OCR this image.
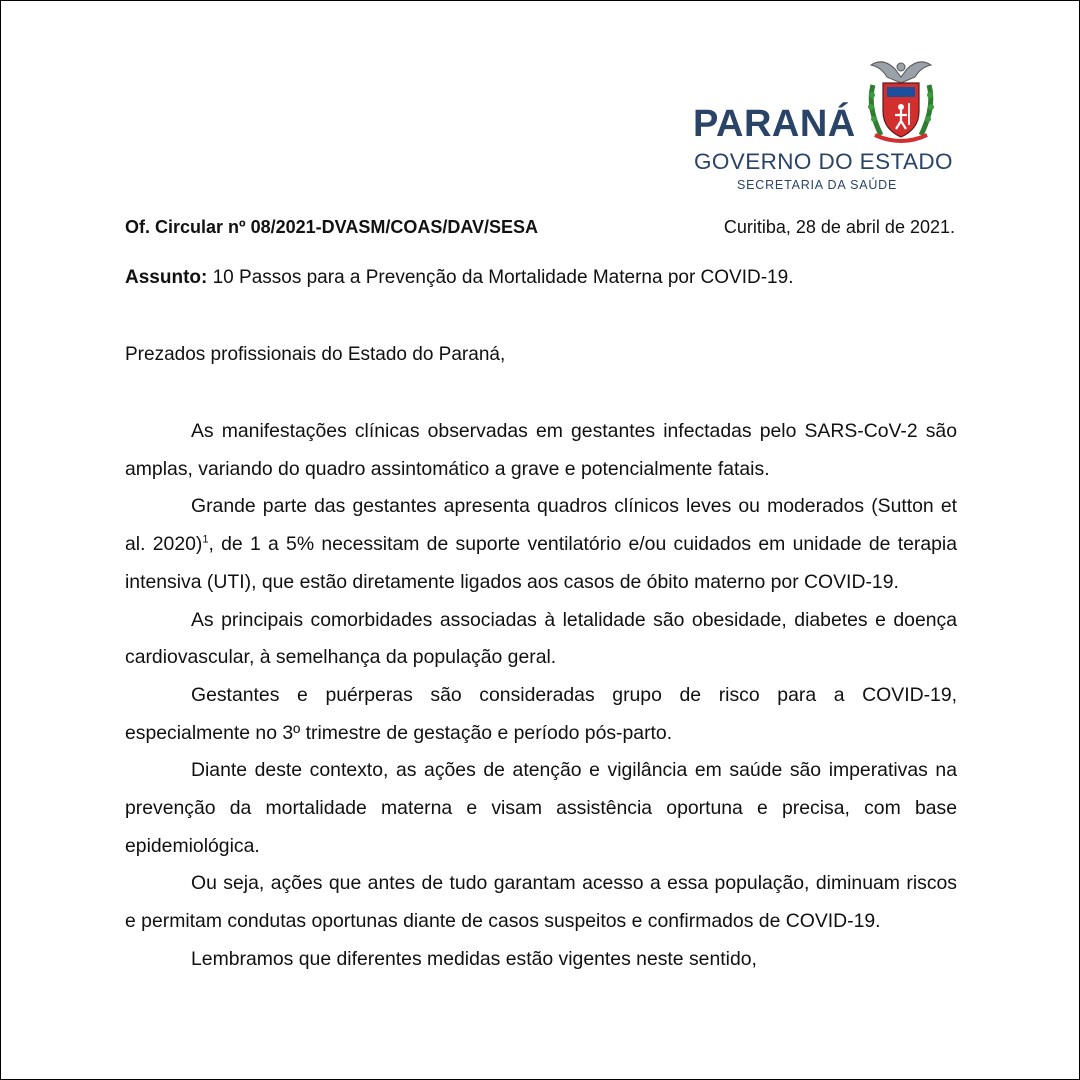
PARANÁ
GOVERNO DO ESTADO
SECRETARIA DA SAÚDE
Of. Circular nº 08/2021-DVASM/COAS/DAV/SESA	Curitiba, 28 de abril de 2021.
Assunto: 10 Passos para a Prevenção da Mortalidade Materna por COVID-19.
Prezados profissionais do Estado do Paraná,

As manifestações clínicas observadas em gestantes infectadas pelo SARS-CoV-2 são amplas, variando do quadro assintomático a grave e potencialmente fatais.

Grande parte das gestantes apresenta quadros clínicos leves ou moderados (Sutton et al. 2020)$^1$, de 1 a 5% necessitam de suporte ventilatório e/ou cuidados em unidade de terapia intensiva (UTI), que estão diretamente ligados aos casos de óbito materno por COVID-19.

As principais comorbidades associadas à letalidade são obesidade, diabetes e doença cardiovascular, à semelhança da população geral.

Gestantes e puérperas são consideradas grupo de risco para a COVID-19, especialmente no 3º trimestre de gestação e período pós-parto.

Diante deste contexto, as ações de atenção e vigilância em saúde são imperativas na prevenção da mortalidade materna e visam assistência oportuna e precisa, com base epidemiológica.

Ou seja, ações que antes de tudo garantam acesso a essa população, diminuam riscos e permitam condutas oportunas diante de casos suspeitos e confirmados de COVID-19.

Lembramos que diferentes medidas estão vigentes neste sentido,
